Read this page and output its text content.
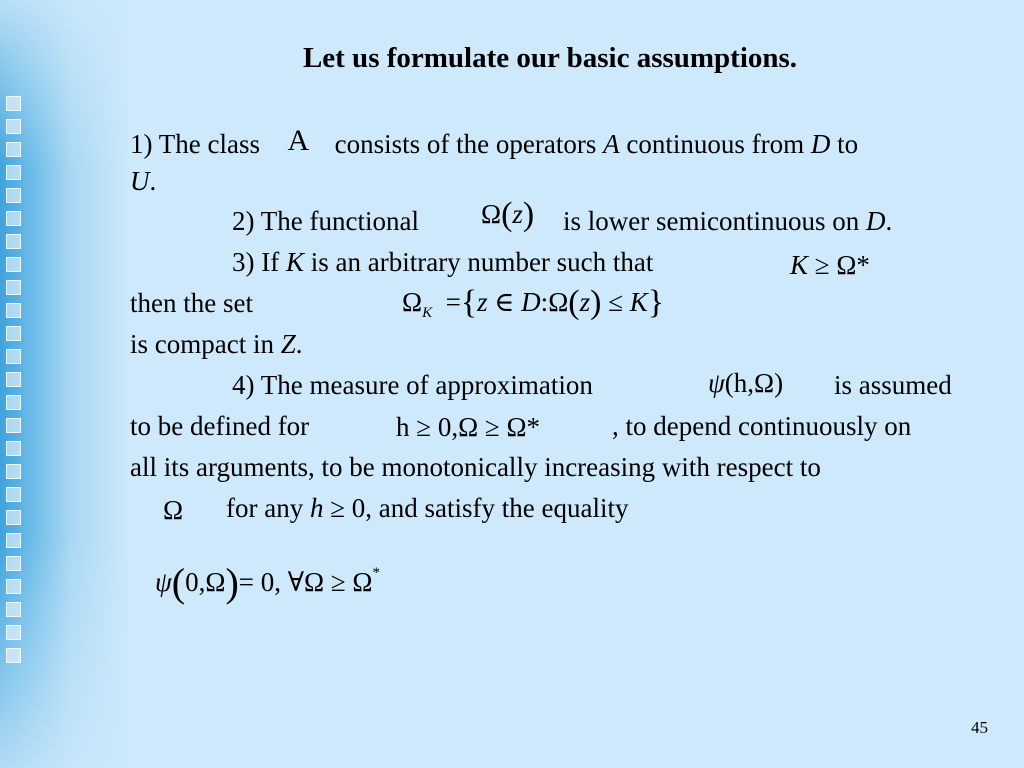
Let us formulate our basic assumptions.
1) The class A consists of the operators A continuous from D to
U.
2) The functional Ω(z) is lower semicontinuous on D.
3) If K is an arbitrary number such that	K ≥ Ω*
then the set	$\Omega_K =\{z$ ∈ D:Ω(z) ≤ K}
is compact in Z.
4) The measure of approximation	ψ(h,Ω) is assumed
to be defined for	h ≥ 0,Ω ≥ Ω*	, to depend continuously on
all its arguments, to be monotonically increasing with respect to
Ω for any h ≥ 0, and satisfy the equality
ψ(0,Ω)= 0, ∀Ω ≥ Ω*
45
